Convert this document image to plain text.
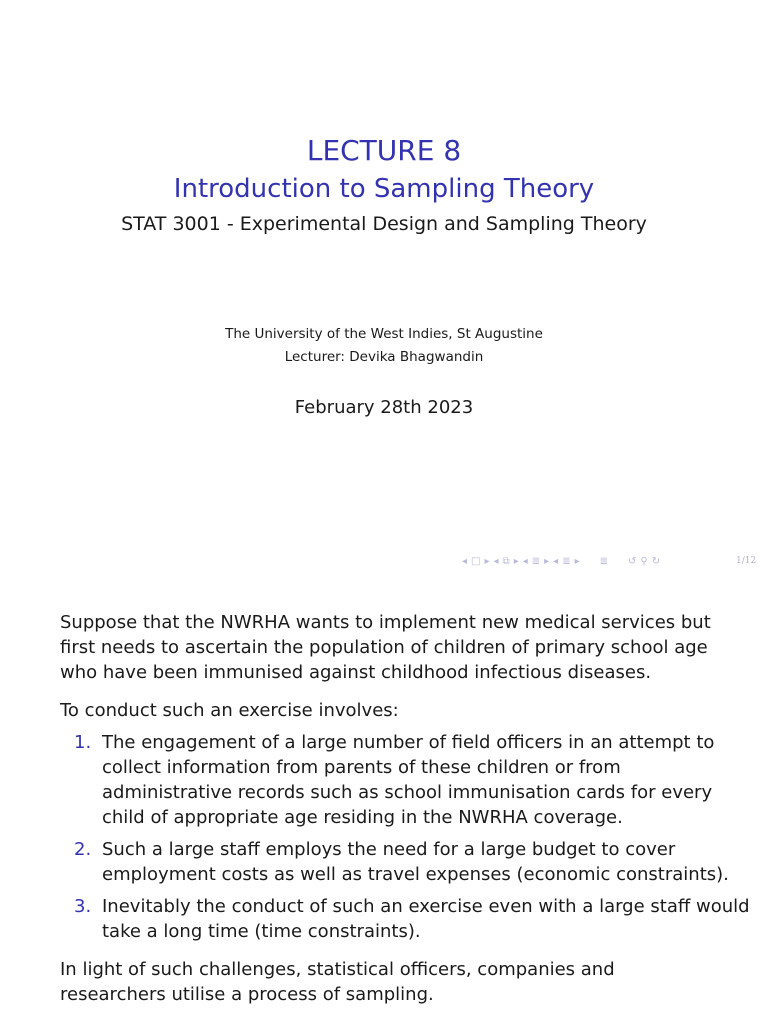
LECTURE 8
Introduction to Sampling Theory
STAT 3001 - Experimental Design and Sampling Theory
The University of the West Indies, St Augustine
Lecturer: Devika Bhagwandin
February 28th 2023
◂ □ ▸ ◂ ⧉ ▸ ◂ ≣ ▸ ◂ ≣ ▸ ≣ ↺ ⚲ ↻	1/12
Suppose that the NWRHA wants to implement new medical services but first needs to ascertain the population of children of primary school age who have been immunised against childhood infectious diseases.
To conduct such an exercise involves:
1. The engagement of a large number of field officers in an attempt to collect information from parents of these children or from administrative records such as school immunisation cards for every child of appropriate age residing in the NWRHA coverage.
2. Such a large staff employs the need for a large budget to cover employment costs as well as travel expenses (economic constraints).
3. Inevitably the conduct of such an exercise even with a large staff would take a long time (time constraints).
In light of such challenges, statistical officers, companies and researchers utilise a process of sampling.
